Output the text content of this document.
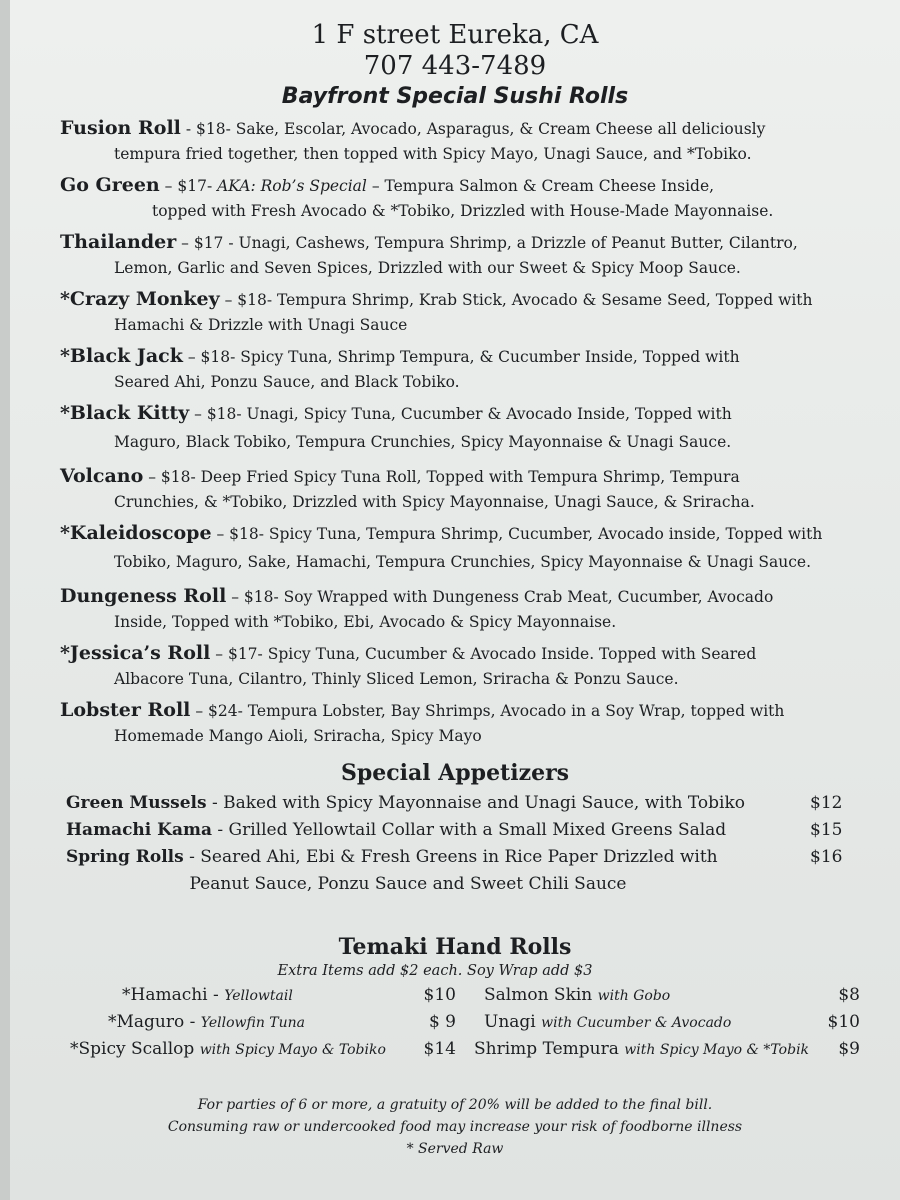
1 F street Eureka, CA
707 443-7489
Bayfront Special Sushi Rolls
Fusion Roll - $18- Sake, Escolar, Avocado, Asparagus, & Cream Cheese all deliciously
tempura fried together, then topped with Spicy Mayo, Unagi Sauce, and *Tobiko.
Go Green – $17- AKA: Rob’s Special – Tempura Salmon & Cream Cheese Inside,
topped with Fresh Avocado & *Tobiko, Drizzled with House-Made Mayonnaise.
Thailander – $17 - Unagi, Cashews, Tempura Shrimp, a Drizzle of Peanut Butter, Cilantro,
Lemon, Garlic and Seven Spices, Drizzled with our Sweet & Spicy Moop Sauce.
*Crazy Monkey – $18- Tempura Shrimp, Krab Stick, Avocado & Sesame Seed, Topped with
Hamachi & Drizzle with Unagi Sauce
*Black Jack – $18- Spicy Tuna, Shrimp Tempura, & Cucumber Inside, Topped with
Seared Ahi, Ponzu Sauce, and Black Tobiko.
*Black Kitty – $18- Unagi, Spicy Tuna, Cucumber & Avocado Inside, Topped with
Maguro, Black Tobiko, Tempura Crunchies, Spicy Mayonnaise & Unagi Sauce.
Volcano – $18- Deep Fried Spicy Tuna Roll, Topped with Tempura Shrimp, Tempura
Crunchies, & *Tobiko, Drizzled with Spicy Mayonnaise, Unagi Sauce, & Sriracha.
*Kaleidoscope – $18- Spicy Tuna, Tempura Shrimp, Cucumber, Avocado inside, Topped with
Tobiko, Maguro, Sake, Hamachi, Tempura Crunchies, Spicy Mayonnaise & Unagi Sauce.
Dungeness Roll – $18- Soy Wrapped with Dungeness Crab Meat, Cucumber, Avocado
Inside, Topped with *Tobiko, Ebi, Avocado & Spicy Mayonnaise.
*Jessica’s Roll – $17- Spicy Tuna, Cucumber & Avocado Inside. Topped with Seared
Albacore Tuna, Cilantro, Thinly Sliced Lemon, Sriracha & Ponzu Sauce.
Lobster Roll – $24- Tempura Lobster, Bay Shrimps, Avocado in a Soy Wrap, topped with
Homemade Mango Aioli, Sriracha, Spicy Mayo
Special Appetizers
Green Mussels - Baked with Spicy Mayonnaise and Unagi Sauce, with Tobiko	$12
Hamachi Kama - Grilled Yellowtail Collar with a Small Mixed Greens Salad	$15
Spring Rolls - Seared Ahi, Ebi & Fresh Greens in Rice Paper Drizzled with	$16
Peanut Sauce, Ponzu Sauce and Sweet Chili Sauce
Temaki Hand Rolls
Extra Items add $2 each. Soy Wrap add $3
*Hamachi - Yellowtail	$10
*Maguro - Yellowfin Tuna	$ 9
*Spicy Scallop with Spicy Mayo & Tobiko	$14
Salmon Skin with Gobo	$8
Unagi with Cucumber & Avocado	$10
Shrimp Tempura with Spicy Mayo & *Tobik	$9
For parties of 6 or more, a gratuity of 20% will be added to the final bill.
Consuming raw or undercooked food may increase your risk of foodborne illness
* Served Raw
